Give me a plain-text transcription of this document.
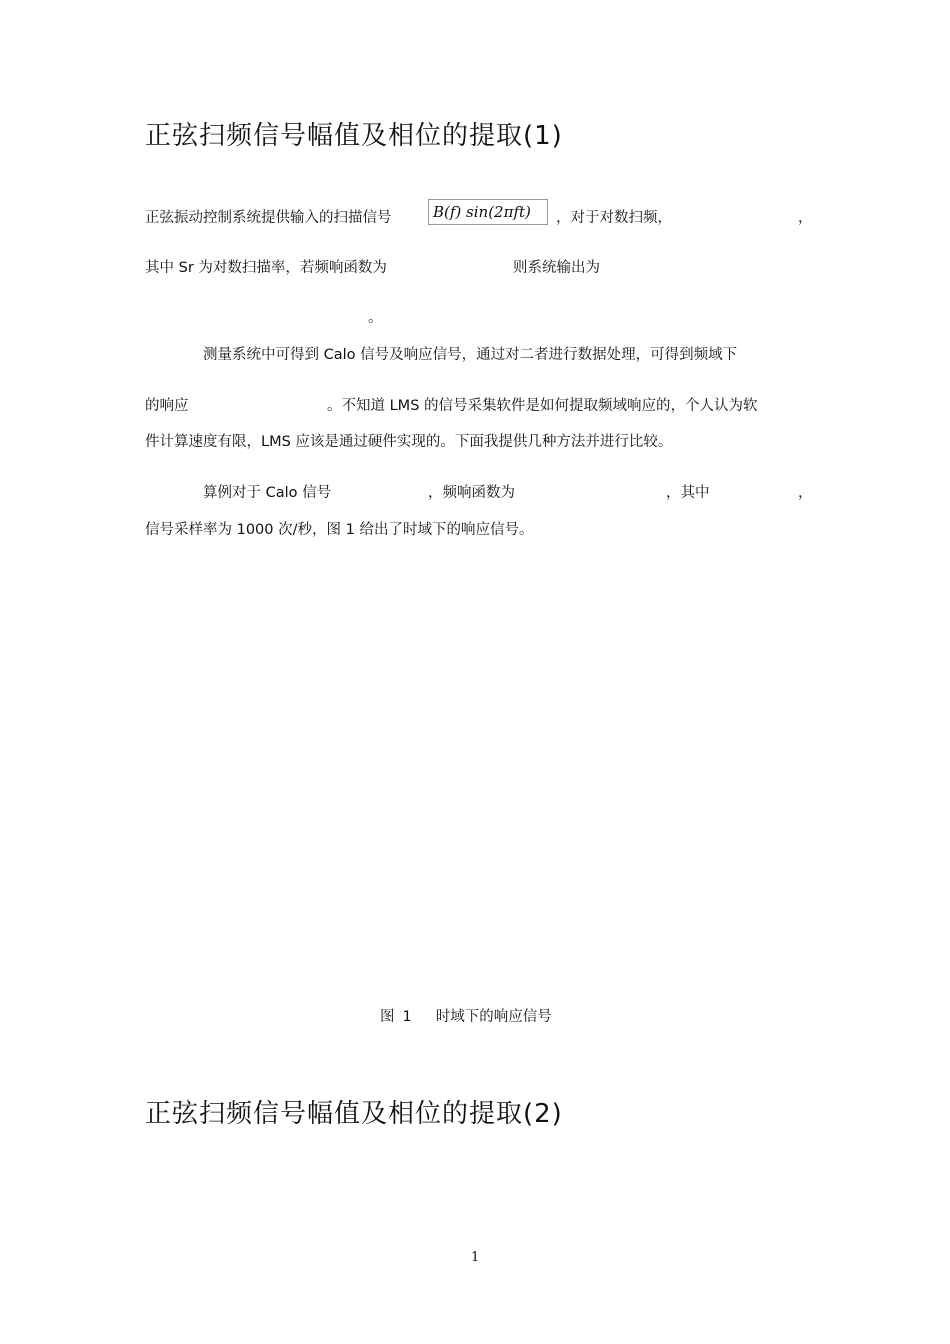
正弦扫频信号幅值及相位的提取(1)
正弦振动控制系统提供输入的扫描信号	B(f) sin(2πft)	，对于对数扫频，	，
其中 Sr 为对数扫描率，若频响函数为	则系统输出为
。
测量系统中可得到 Calo 信号及响应信号，通过对二者进行数据处理，可得到频域下
的响应	。不知道 LMS 的信号采集软件是如何提取频域响应的，个人认为软
件计算速度有限，LMS 应该是通过硬件实现的。下面我提供几种方法并进行比较。
算例对于 Calo 信号	，频响函数为	，其中	，
信号采样率为 1000 次/秒，图 1 给出了时域下的响应信号。
图 1 时域下的响应信号
正弦扫频信号幅值及相位的提取(2)
1
